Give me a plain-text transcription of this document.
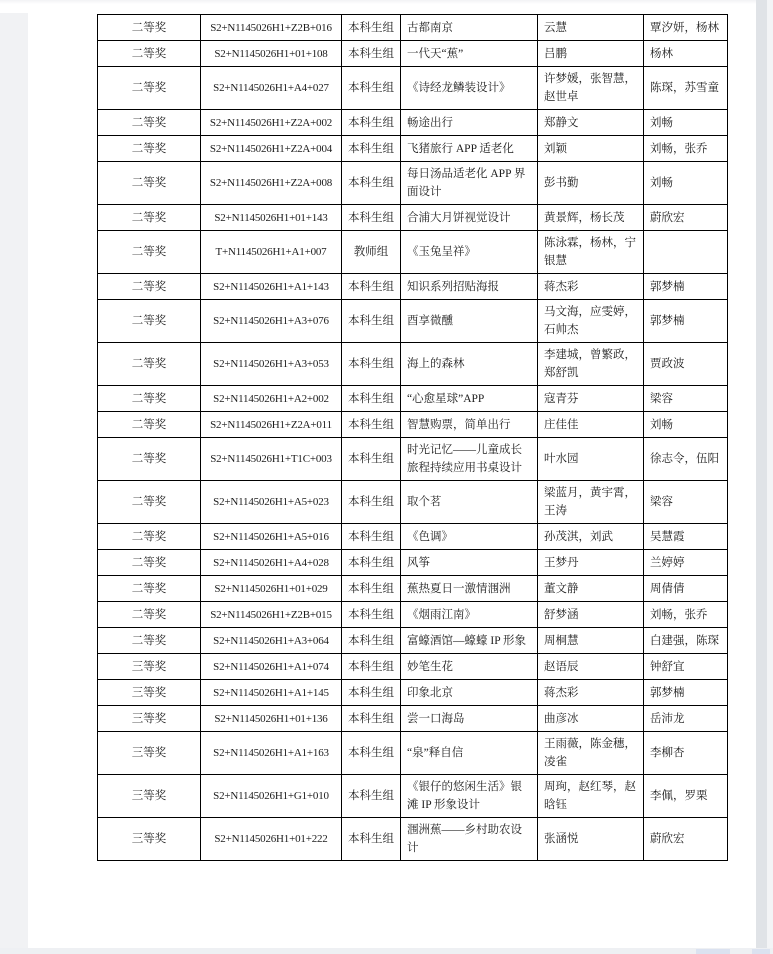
二等奖	S2+N1145026H1+Z2B+016	本科生组	古都南京	云慧	覃汐妍，杨林
二等奖	S2+N1145026H1+01+108	本科生组	一代天“蕉”	吕鹏	杨林
二等奖	S2+N1145026H1+A4+027	本科生组	《诗经龙鳞装设计》	许梦媛，张智慧，赵世卓	陈琛，苏雪童
二等奖	S2+N1145026H1+Z2A+002	本科生组	畅途出行	郑静文	刘畅
二等奖	S2+N1145026H1+Z2A+004	本科生组	飞猪旅行 APP 适老化	刘颖	刘畅，张乔
二等奖	S2+N1145026H1+Z2A+008	本科生组	每日汤品适老化 APP 界面设计	彭书勤	刘畅
二等奖	S2+N1145026H1+01+143	本科生组	合浦大月饼视觉设计	黄景辉，杨长茂	蔚欣宏
二等奖	T+N1145026H1+A1+007	教师组	《玉兔呈祥》	陈泳霖，杨林，宁银慧	
二等奖	S2+N1145026H1+A1+143	本科生组	知识系列招贴海报	蒋杰彩	郭梦楠
二等奖	S2+N1145026H1+A3+076	本科生组	酉享微醺	马文海，应雯婷，石帅杰	郭梦楠
二等奖	S2+N1145026H1+A3+053	本科生组	海上的森林	李建城，曾繁政，郑舒凯	贾政波
二等奖	S2+N1145026H1+A2+002	本科生组	“心愈星球”APP	寇青芬	梁容
二等奖	S2+N1145026H1+Z2A+011	本科生组	智慧购票，简单出行	庄佳佳	刘畅
二等奖	S2+N1145026H1+T1C+003	本科生组	时光记忆——儿童成长旅程持续应用书桌设计	叶水园	徐志令，伍阳
二等奖	S2+N1145026H1+A5+023	本科生组	取个茗	梁蓝月，黄宇霄，王涛	梁容
二等奖	S2+N1145026H1+A5+016	本科生组	《色调》	孙茂淇，刘武	吴慧霞
二等奖	S2+N1145026H1+A4+028	本科生组	风筝	王梦丹	兰婷婷
二等奖	S2+N1145026H1+01+029	本科生组	蕉热夏日一激情涠洲	董文静	周倩倩
二等奖	S2+N1145026H1+Z2B+015	本科生组	《烟雨江南》	舒梦涵	刘畅，张乔
二等奖	S2+N1145026H1+A3+064	本科生组	富蠔酒馆—蠔蠔 IP 形象	周桐慧	白建强，陈琛
三等奖	S2+N1145026H1+A1+074	本科生组	妙笔生花	赵语辰	钟舒宜
三等奖	S2+N1145026H1+A1+145	本科生组	印象北京	蒋杰彩	郭梦楠
三等奖	S2+N1145026H1+01+136	本科生组	尝一口海岛	曲彦冰	岳沛龙
三等奖	S2+N1145026H1+A1+163	本科生组	“泉”释自信	王雨薇，陈金穗，凌雀	李柳杏
三等奖	S2+N1145026H1+G1+010	本科生组	《银仔的悠闲生活》银滩 IP 形象设计	周珣，赵红琴，赵晗钰	李佩，罗栗
三等奖	S2+N1145026H1+01+222	本科生组	涠洲蕉——乡村助农设计	张涵悦	蔚欣宏
